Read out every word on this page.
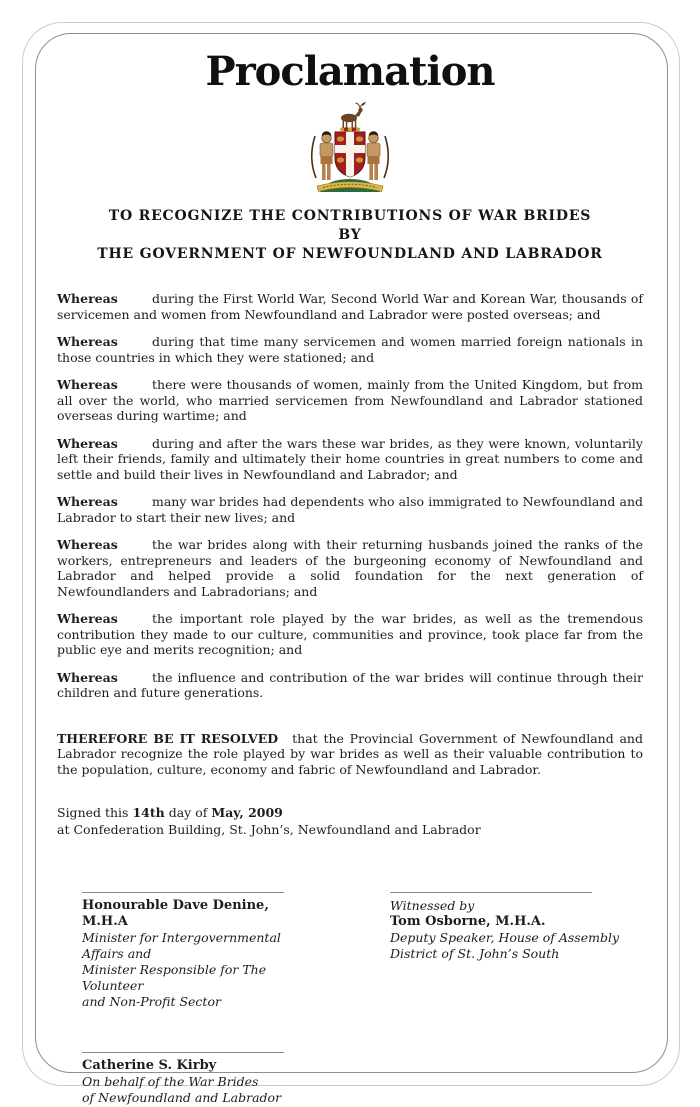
Proclamation
TO RECOGNIZE THE CONTRIBUTIONS OF WAR BRIDES
BY
THE GOVERNMENT OF NEWFOUNDLAND AND LABRADOR

Whereas	during the First World War, Second World War and Korean War, thousands of servicemen and women from Newfoundland and Labrador were posted overseas; and

Whereas	during that time many servicemen and women married foreign nationals in those countries in which they were stationed; and

Whereas	there were thousands of women, mainly from the United Kingdom, but from all over the world, who married servicemen from Newfoundland and Labrador stationed overseas during wartime; and

Whereas	during and after the wars these war brides, as they were known, voluntarily left their friends, family and ultimately their home countries in great numbers to come and settle and build their lives in Newfoundland and Labrador; and

Whereas	many war brides had dependents who also immigrated to Newfoundland and Labrador to start their new lives; and

Whereas	the war brides along with their returning husbands joined the ranks of the workers, entrepreneurs and leaders of the burgeoning economy of Newfoundland and Labrador and helped provide a solid foundation for the next generation of Newfoundlanders and Labradorians; and

Whereas	the important role played by the war brides, as well as the tremendous contribution they made to our culture, communities and province, took place far from the public eye and merits recognition; and

Whereas	the influence and contribution of the war brides will continue through their children and future generations.

THEREFORE BE IT RESOLVED that the Provincial Government of Newfoundland and Labrador recognize the role played by war brides as well as their valuable contribution to the population, culture, economy and fabric of Newfoundland and Labrador.

Signed this 14th day of May, 2009
at Confederation Building, St. John’s, Newfoundland and Labrador
Honourable Dave Denine, M.H.A
Minister for Intergovernmental Affairs and
Minister Responsible for The Volunteer
and Non-Profit Sector
Witnessed by
Tom Osborne, M.H.A.
Deputy Speaker, House of Assembly
District of St. John’s South
Catherine S. Kirby
On behalf of the War Brides
of Newfoundland and Labrador
